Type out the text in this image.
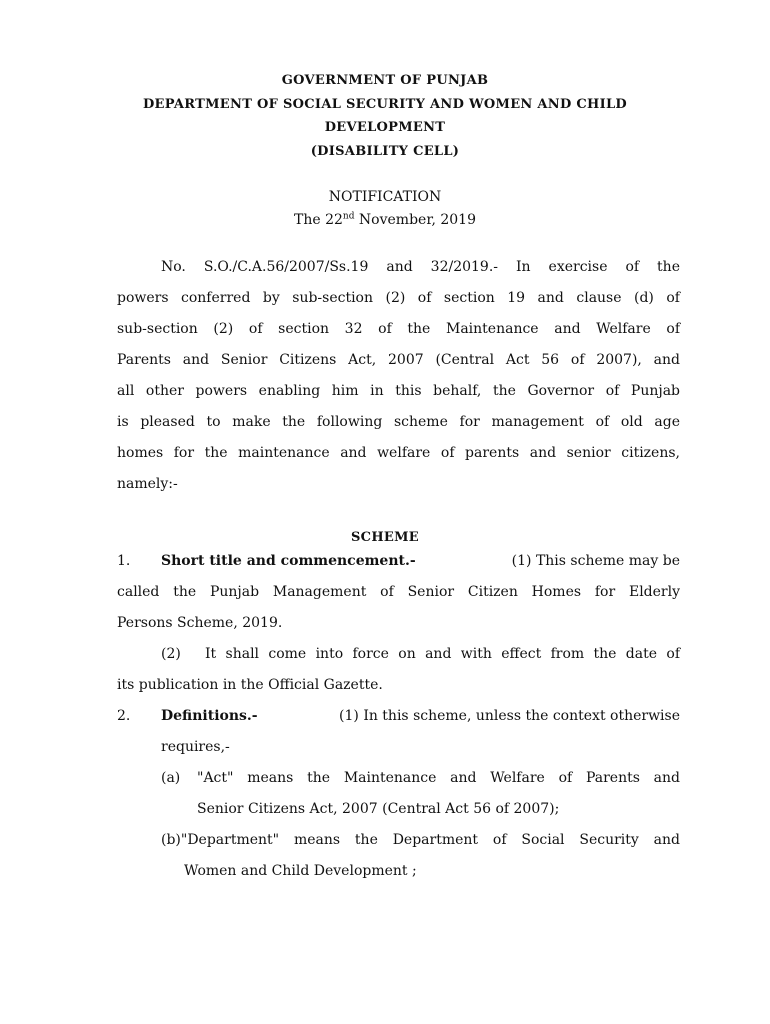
GOVERNMENT OF PUNJAB
DEPARTMENT OF SOCIAL SECURITY AND WOMEN AND CHILD
DEVELOPMENT
(DISABILITY CELL)
NOTIFICATION
The 22nd November, 2019
No. S.O./C.A.56/2007/Ss.19 and 32/2019.- In exercise of the
powers conferred by sub-section (2) of section 19 and clause (d) of
sub-section (2) of section 32 of the Maintenance and Welfare of
Parents and Senior Citizens Act, 2007 (Central Act 56 of 2007), and
all other powers enabling him in this behalf, the Governor of Punjab
is pleased to make the following scheme for management of old age
homes for the maintenance and welfare of parents and senior citizens,
namely:-
SCHEME
1. Short title and commencement.-	(1) This scheme may be
called the Punjab Management of Senior Citizen Homes for Elderly
Persons Scheme, 2019.
(2) It shall come into force on and with effect from the date of
its publication in the Official Gazette.
2. Definitions.-	(1) In this scheme, unless the context otherwise
requires,-
(a) "Act" means the Maintenance and Welfare of Parents and
Senior Citizens Act, 2007 (Central Act 56 of 2007);
(b)"Department" means the Department of Social Security and
Women and Child Development ;
